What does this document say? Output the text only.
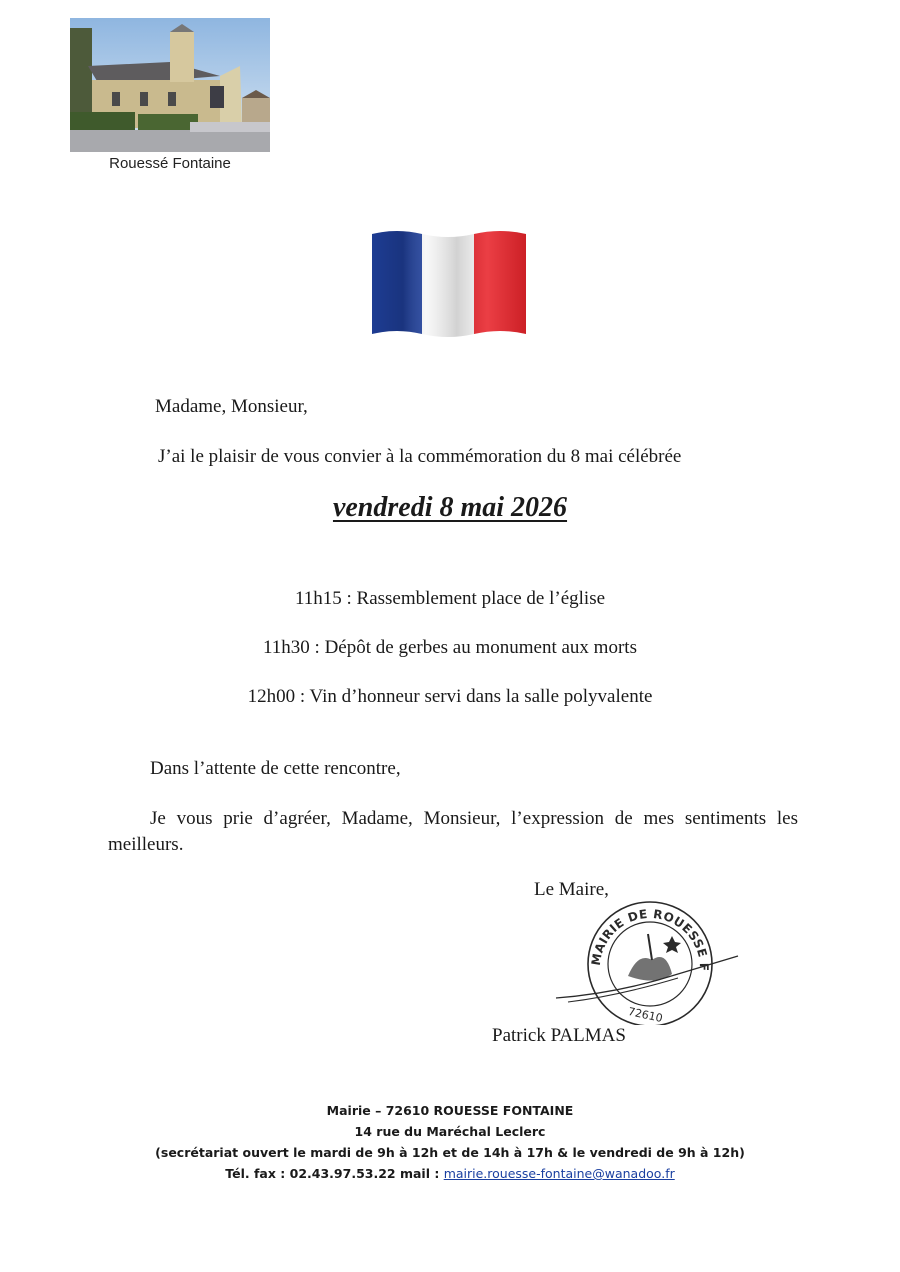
Rouessé Fontaine
Madame, Monsieur,
J’ai le plaisir de vous convier à la commémoration du 8 mai célébrée
vendredi 8 mai 2026
11h15 : Rassemblement place de l’église
11h30 : Dépôt de gerbes au monument aux morts
12h00 : Vin d’honneur servi dans la salle polyvalente
Dans l’attente de cette rencontre,
Je vous prie d’agréer, Madame, Monsieur, l’expression de mes sentiments les meilleurs.
Le Maire,
MAIRIE DE ROUESSE F
72610
Patrick PALMAS
Mairie – 72610 ROUESSE FONTAINE
14 rue du Maréchal Leclerc
(secrétariat ouvert le mardi de 9h à 12h et de 14h à 17h & le vendredi de 9h à 12h)
Tél. fax : 02.43.97.53.22 mail : mairie.rouesse-fontaine@wanadoo.fr
